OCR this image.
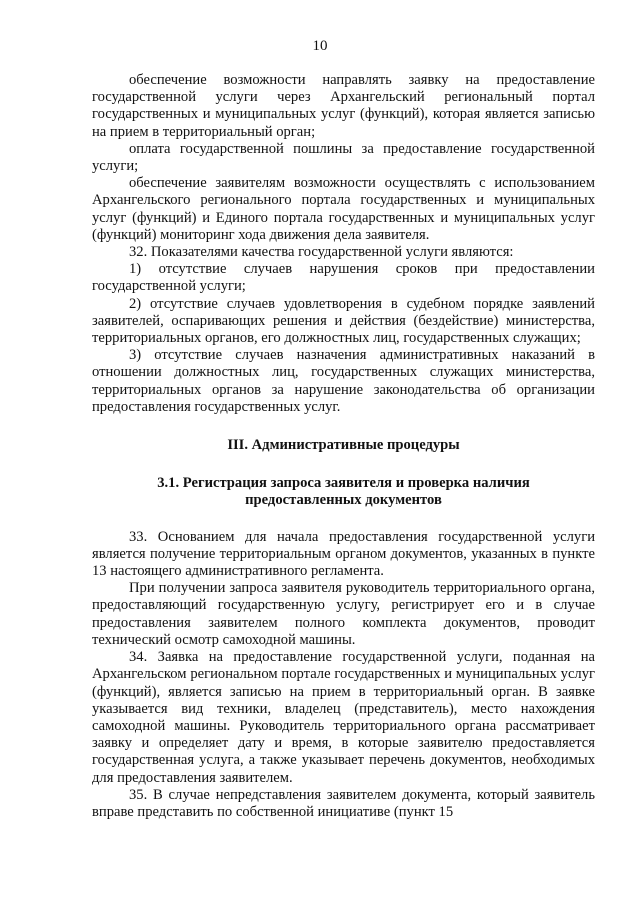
10

обеспечение возможности направлять заявку на предоставление государственной услуги через Архангельский региональный портал государственных и муниципальных услуг (функций), которая является записью на прием в территориальный орган;

оплата государственной пошлины за предоставление государственной услуги;

обеспечение заявителям возможности осуществлять с использованием Архангельского регионального портала государственных и муниципальных услуг (функций) и Единого портала государственных и муниципальных услуг (функций) мониторинг хода движения дела заявителя.

32. Показателями качества государственной услуги являются:

1) отсутствие случаев нарушения сроков при предоставлении государственной услуги;

2) отсутствие случаев удовлетворения в судебном порядке заявлений заявителей, оспаривающих решения и действия (бездействие) министерства, территориальных органов, его должностных лиц, государственных служащих;

3) отсутствие случаев назначения административных наказаний в отношении должностных лиц, государственных служащих министерства, территориальных органов за нарушение законодательства об организации предоставления государственных услуг.

III. Административные процедуры

3.1. Регистрация запроса заявителя и проверка наличия предоставленных документов

33. Основанием для начала предоставления государственной услуги является получение территориальным органом документов, указанных в пункте 13 настоящего административного регламента.

При получении запроса заявителя руководитель территориального органа, предоставляющий государственную услугу, регистрирует его и в случае предоставления заявителем полного комплекта документов, проводит технический осмотр самоходной машины.

34. Заявка на предоставление государственной услуги, поданная на Архангельском региональном портале государственных и муниципальных услуг (функций), является записью на прием в территориальный орган. В заявке указывается вид техники, владелец (представитель), место нахождения самоходной машины. Руководитель территориального органа рассматривает заявку и определяет дату и время, в которые заявителю предоставляется государственная услуга, а также указывает перечень документов, необходимых для предоставления заявителем.

35. В случае непредставления заявителем документа, который заявитель вправе представить по собственной инициативе (пункт 15
